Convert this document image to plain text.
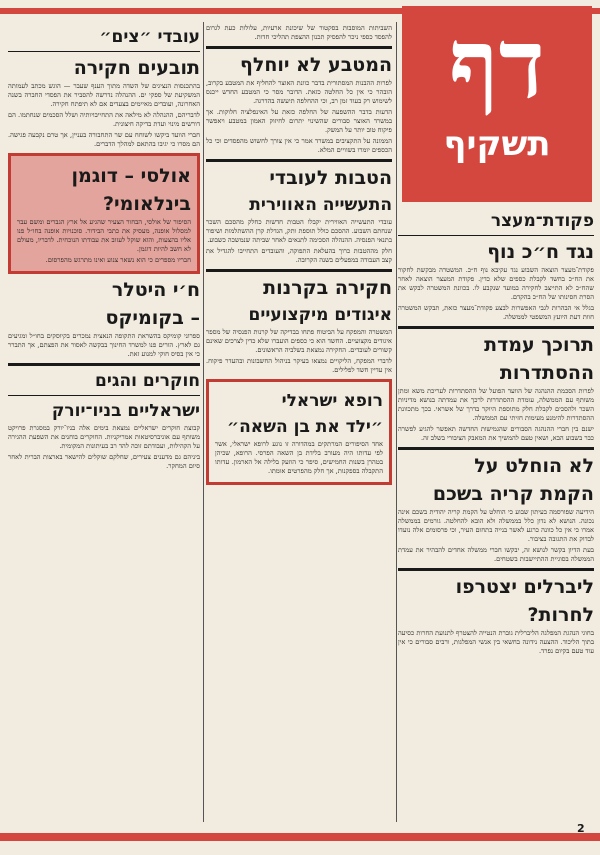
דף
תשקיף
פקודת־מעצר
נגד ח״כ נוף
פקודת־מעצר הוצאה השבוע נגד עקיבא נוף ח״כ. המשטרה מבקשת לחקור את הח״כ בחשד לקבלת כספים שלא כדין. פקודת המעצר הוצאה לאחר שהח״כ לא התייצב לחקירה במועד שנקבע לו. בכוונת המשטרה לבקש את הסרת חסינותו של הח״כ בהקדם.
בגלל אי הבהרות לגבי האפשרות לבצע פקודת־מעצר כזאת, תבקש המשטרה חוות דעת היועץ המשפטי לממשלה.
תרוכך עמדת
ההסתדרות
לפרות הסכמת ההנהגה של הוועד הפועל של ההסתדרות לעריכת משא ומתן משותף עם הממשלה, עומדת ההסתדרות לרכך את עמדתה בנושא מדיניות השכר ולהסכים לקבלת חלק מתוספת היוקר בדרך של אשראי. בכך מתכוונת ההסתדרות להימנע מעימות חזיתי עם הממשלה.
ישנם בין חברי ההנהגה הסבורים שהגמישות החדשה תאפשר להגיע לפשרה כבר בשבוע הבא, ושאין טעם להמשיך את המאבק הציבורי בשלב זה.
לא הוחלט על
הקמת קריה בשכם
הידיעה שפורסמה בעיתון שבוע כי הוחלט על הקמת קריה יהודית בשכם אינה נכונה. הנושא לא נדון כלל בממשלה ולא הובא להחלטה. גורמים בממשלה אמרו כי אין כל כוונה כרגע לאשר בנייה בתחום העיר, וכי פרסומים אלה נועדו לבדוק את התגובה בציבור.
בעת הדיון בקשר לנושא זה, יבקשו חברי ממשלה אחדים להבהיר את עמדת הממשלה בסוגיית ההתיישבות בשטחים.
ליברלים יצטרפו
לחרות?
בחוגי הנהגת המפלגה הליברלית גוברת הנטייה להצטרף לתנועת החרות כסיעה בתוך הליכוד. ההצעה נידונה בחשאי בין אנשי המפלגות, ורבים סבורים כי אין עוד טעם בקיום נפרד.
השביתות המוסבות בסקטור של שיכונת ארעיות, עלולות כעת לגרום להפסד כספי ניכר להפסיק תכנון ההצפת תהליכי חדות.
המטבע לא יוחלף
לפרות ההבנות המסתורית בדבר כוונת האוצר להחליף את המטבע בקרוב, הובהר כי אין כל החלטה כזאת. הדובר מסר כי המטבע החדש ייכנס לשימוש רק בעוד זמן רב, וכי ההחלפה תיעשה בהדרגה.
הדעות בדבר ההשפעה של החלפה כזאת על האינפלציה חלוקות. אך במשרד האוצר סבורים שהשינוי יתרום לחיזוק האמון במטבע ויאפשר פיקוח טוב יותר על המשק.
הממונה על התקציבים במשרד אמר כי אין צורך לחשוש מהפסדים וכי כל הכספים יומרו בשוויים המלא.
הטבות לעובדי
התעשייה האווירית
עובדי התעשייה האווירית יקבלו הטבות חדשות כחלק מהסכם השכר שנחתם השבוע. ההסכם כולל תוספת ותק, הגדלת קרן ההשתלמות ושיפור בתנאי הפנסיה. ההנהלה הסכימה לתנאים לאחר שביתה שנמשכה כשבוע.
חלק מההטבות כרוך בהעלאת התפוקה, והעובדים התחייבו להגדיל את קצב העבודה במפעלים בשנה הקרובה.
חקירה בקרנות
איגודים מיקצועיים
המשטרה והמפקח על הביטוח פתחו בבדיקה של קרנות הפנסיה של מספר איגודים מקצועיים. החשד הוא כי כספים הועברו שלא כדין לצרכים שאינם קשורים לעובדים. החקירה נמצאת בשלביה הראשונים.
לדברי המפקח, הליקויים נמצאו בעיקר בניהול החשבונות ובהעדר פיקוח. אין עדיין חשד לפלילים.
רופא ישראלי
״ילד את בן השאה״
אחד הסיפורים המרתקים במהדורה זו נוגע לרופא ישראלי, אשר לפי עדותו היה מעורב בלידת בן השאה הפרסי. הרופא, שכיהן בטהרן בשנות החמישים, סיפר כי הוזעק בלילה אל הארמון. עדותו התקבלה בספקנות, אך חלק מהפרטים אומתו.
עובדי ״צים״
תובעים חקירה
בהתכנסות הנציגים של השדה מתוך הענף שעבר — הוגש מכתב לעמותה המשקיעת של ספקי ים. ההנהלה נדרשה להסביר את הפסדי החברה בשנה האחרונה, ועובדים מאיימים בצעדים אם לא תיפתח חקירה.
לדבריהם, ההנהלה לא מילאה את התחייבויותיה ושלל הסכמים שנחתמו. הם דורשים מינוי ועדת בדיקה חיצונית.
חברי הוועד ביקשו לשוחח עם שר התחבורה בעניין, אך טרם נקבעה פגישה. הם מסרו כי יגיבו בהתאם למהלך הדברים.
אולסי – דוגמן
בינלאומי?
הסיפור של אולסי, הבחור הצעיר שהגיע אל ארץ הגברים ומשם עבר למסלול אופנה, מעסיק את כתבי הבידור. סוכנויות אופנה בחו״ל פנו אליו בהצעות, והוא שוקל לעזוב את עבודתו הנוכחית. לדבריו, מעולם לא חשב להיות דוגמן.
חבריו מספרים כי הוא נשאר צנוע ואינו מתרגש מהפרסום.
ח׳י היטלר
– בקומיקס
ספרוני קומיקס בהשראת התקופה הנאצית נמכרים בקיוסקים בחו״ל ומגיעים גם לארץ. הורים פנו למשרד החינוך בבקשה לאסור את הפצתם, אך התברר כי אין בסיס חוקי למנוע זאת.
חוקרים והגים
ישראליים בניו־יורק
קבוצת חוקרים ישראליים נמצאת בימים אלה בניו־יורק במסגרת פרויקט משותף עם אוניברסיטאות אמריקניות. החוקרים בוחנים את השפעת ההגירה על הקהילות, ועבודתם זוכה להד רב בעיתונות המקומית.
ביניהם גם מדענים צעירים, שחלקם שוקלים להישאר בארצות הברית לאחר סיום המחקר.
2
